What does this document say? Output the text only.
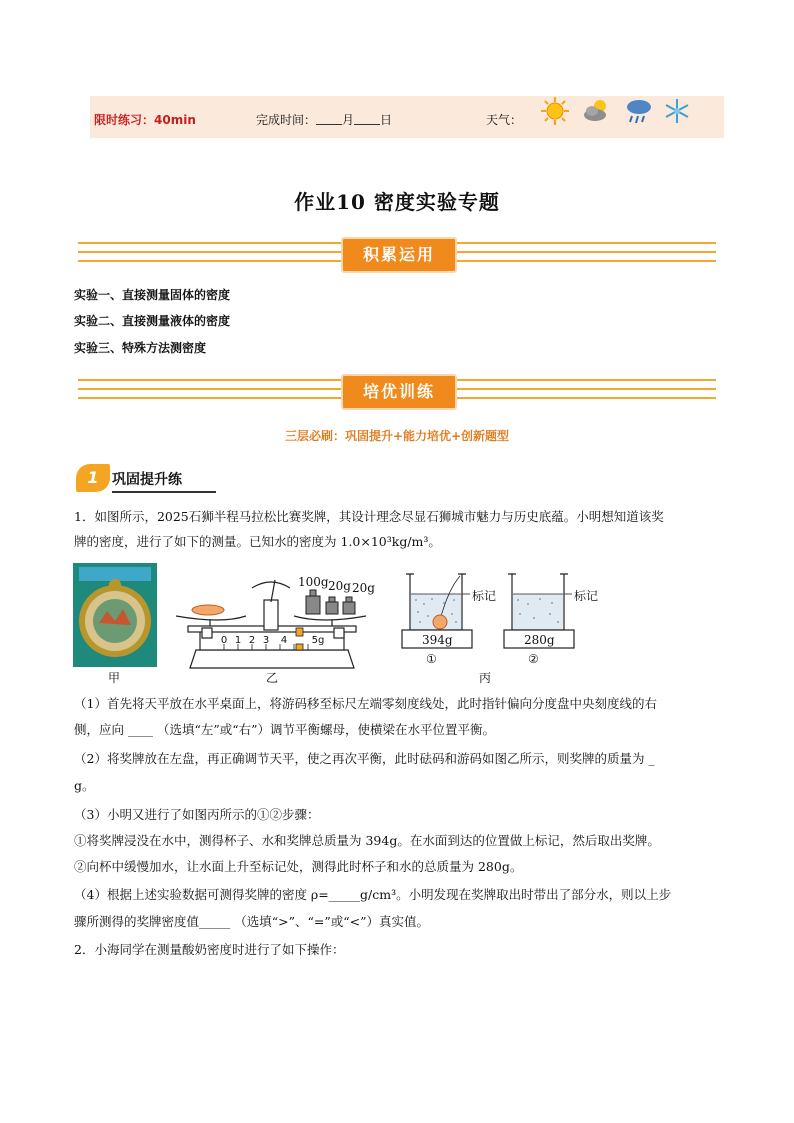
限时练习：40min	完成时间： 月 日	天气：
作业10 密度实验专题
积累运用
实验一、直接测量固体的密度
实验二、直接测量液体的密度
实验三、特殊方法测密度
培优训练
三层必刷：巩固提升+能力培优+创新题型
1 巩固提升练
1．如图所示，2025石狮半程马拉松比赛奖牌，其设计理念尽显石狮城市魅力与历史底蕴。小明想知道该奖
牌的密度，进行了如下的测量。已知水的密度为 1.0×10³kg/m³。
甲
0 1 2 3 4 5g
100g 20g 20g
乙
标记	标记
394g	280g
①	②
丙
（1）首先将天平放在水平桌面上，将游码移至标尺左端零刻度线处，此时指针偏向分度盘中央刻度线的右
侧，应向 ____ （选填“左”或“右”）调节平衡螺母，使横梁在水平位置平衡。
（2）将奖牌放在左盘，再正确调节天平，使之再次平衡，此时砝码和游码如图乙所示，则奖牌的质量为 _
g。
（3）小明又进行了如图丙所示的①②步骤：
①将奖牌浸没在水中，测得杯子、水和奖牌总质量为 394g。在水面到达的位置做上标记，然后取出奖牌。
②向杯中缓慢加水，让水面上升至标记处，测得此时杯子和水的总质量为 280g。
（4）根据上述实验数据可测得奖牌的密度 ρ=_____g/cm³。小明发现在奖牌取出时带出了部分水，则以上步
骤所测得的奖牌密度值_____ （选填“>”、“=”或“<”）真实值。
2．小海同学在测量酸奶密度时进行了如下操作：
